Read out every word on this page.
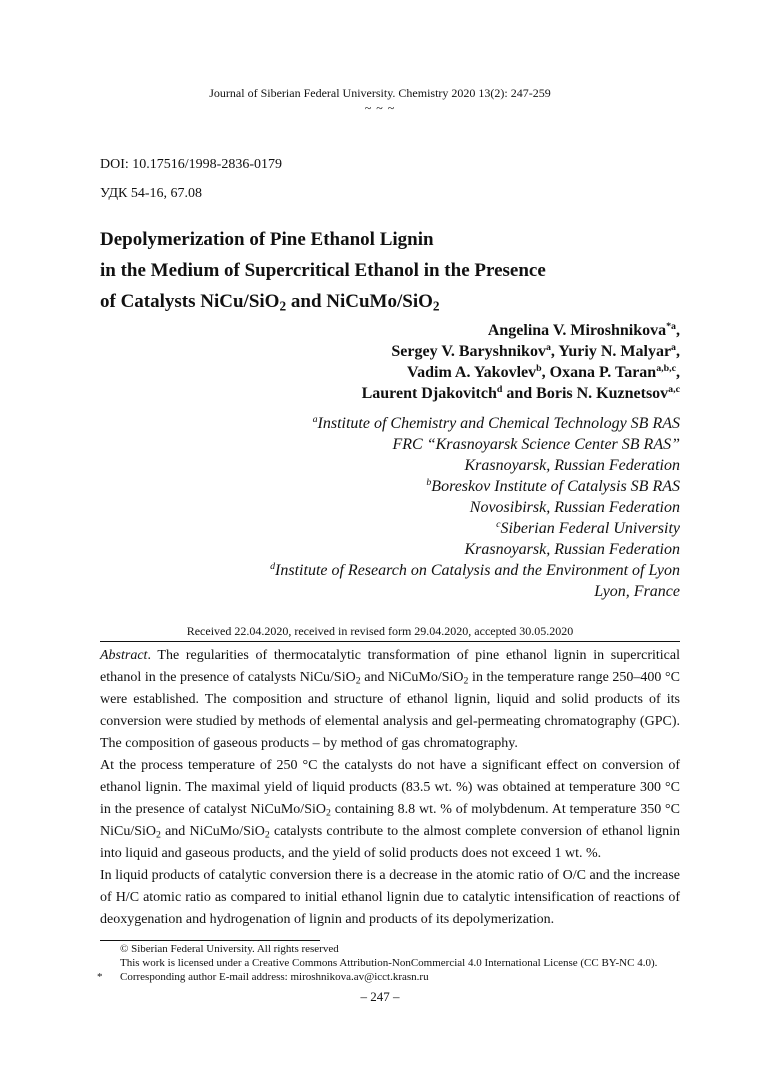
Journal of Siberian Federal University. Chemistry 2020 13(2): 247-259
~ ~ ~
DOI: 10.17516/1998-2836-0179
УДК 54-16, 67.08
Depolymerization of Pine Ethanol Lignin
in the Medium of Supercritical Ethanol in the Presence
of Catalysts NiCu/SiO$_2$ and NiCuMo/SiO$_2$
Angelina V. Miroshnikova$^{*a}$,
Sergey V. Baryshnikov$^a$, Yuriy N. Malyar$^a$,
Vadim A. Yakovlev$^b$, Oxana P. Taran$^{a,b,c}$,
Laurent Djakovitch$^d$ and Boris N. Kuznetsov$^{a,c}$
$^a$Institute of Chemistry and Chemical Technology SB RAS
FRC “Krasnoyarsk Science Center SB RAS”
Krasnoyarsk, Russian Federation
$^b$Boreskov Institute of Catalysis SB RAS
Novosibirsk, Russian Federation
$^c$Siberian Federal University
Krasnoyarsk, Russian Federation
$^d$Institute of Research on Catalysis and the Environment of Lyon
Lyon, France
Received 22.04.2020, received in revised form 29.04.2020, accepted 30.05.2020

Abstract. The regularities of thermocatalytic transformation of pine ethanol lignin in supercritical ethanol in the presence of catalysts NiCu/SiO$_2$ and NiCuMo/SiO$_2$ in the temperature range 250–400 °C were established. The composition and structure of ethanol lignin, liquid and solid products of its conversion were studied by methods of elemental analysis and gel-permeating chromatography (GPC). The composition of gaseous products – by method of gas chromatography.

At the process temperature of 250 °C the catalysts do not have a significant effect on conversion of ethanol lignin. The maximal yield of liquid products (83.5 wt. %) was obtained at temperature 300 °C in the presence of catalyst NiCuMo/SiO$_2$ containing 8.8 wt. % of molybdenum. At temperature 350 °C NiCu/SiO$_2$ and NiCuMo/SiO$_2$ catalysts contribute to the almost complete conversion of ethanol lignin into liquid and gaseous products, and the yield of solid products does not exceed 1 wt. %.

In liquid products of catalytic conversion there is a decrease in the atomic ratio of O/C and the increase of H/C atomic ratio as compared to initial ethanol lignin due to catalytic intensification of reactions of deoxygenation and hydrogenation of lignin and products of its depolymerization.

© Siberian Federal University. All rights reserved
This work is licensed under a Creative Commons Attribution-NonCommercial 4.0 International License (CC BY-NC 4.0).
* Corresponding author E-mail address: miroshnikova.av@icct.krasn.ru
– 247 –
